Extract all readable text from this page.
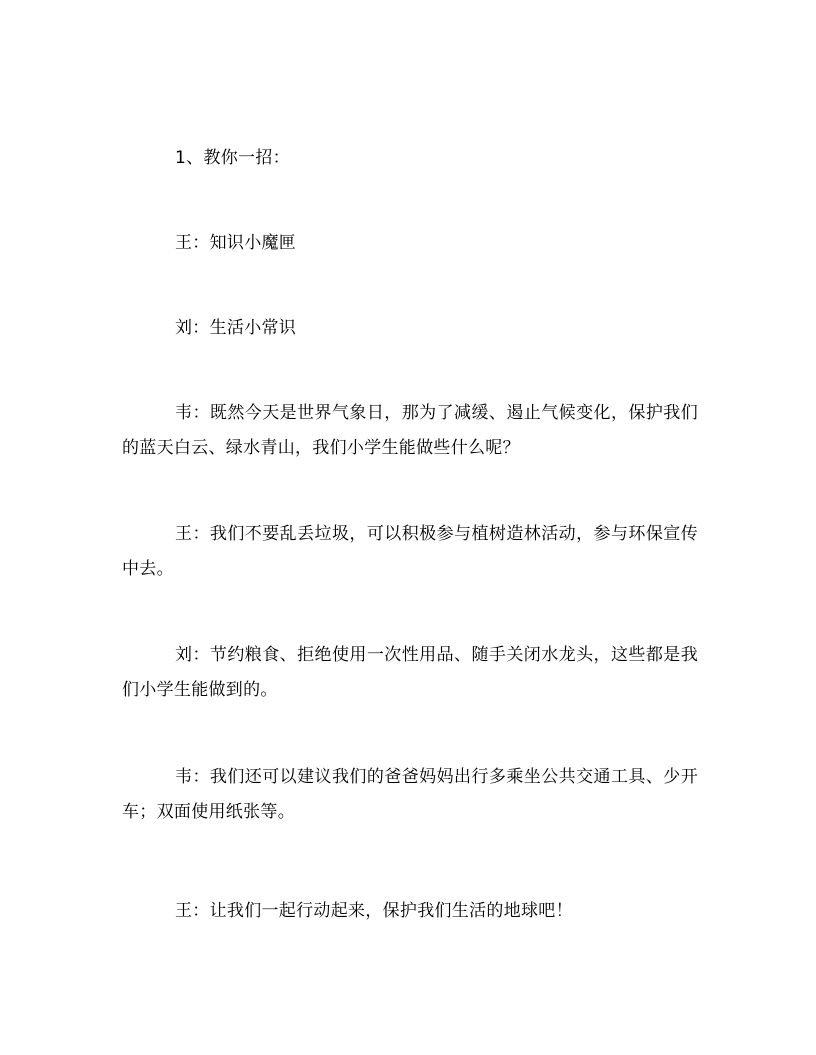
1、教你一招：

王：知识小魔匣

刘：生活小常识

韦：既然今天是世界气象日，那为了减缓、遏止气候变化，保护我们的蓝天白云、绿水青山，我们小学生能做些什么呢？

王：我们不要乱丢垃圾，可以积极参与植树造林活动，参与环保宣传中去。

刘：节约粮食、拒绝使用一次性用品、随手关闭水龙头，这些都是我们小学生能做到的。

韦：我们还可以建议我们的爸爸妈妈出行多乘坐公共交通工具、少开车；双面使用纸张等。

王：让我们一起行动起来，保护我们生活的地球吧！
